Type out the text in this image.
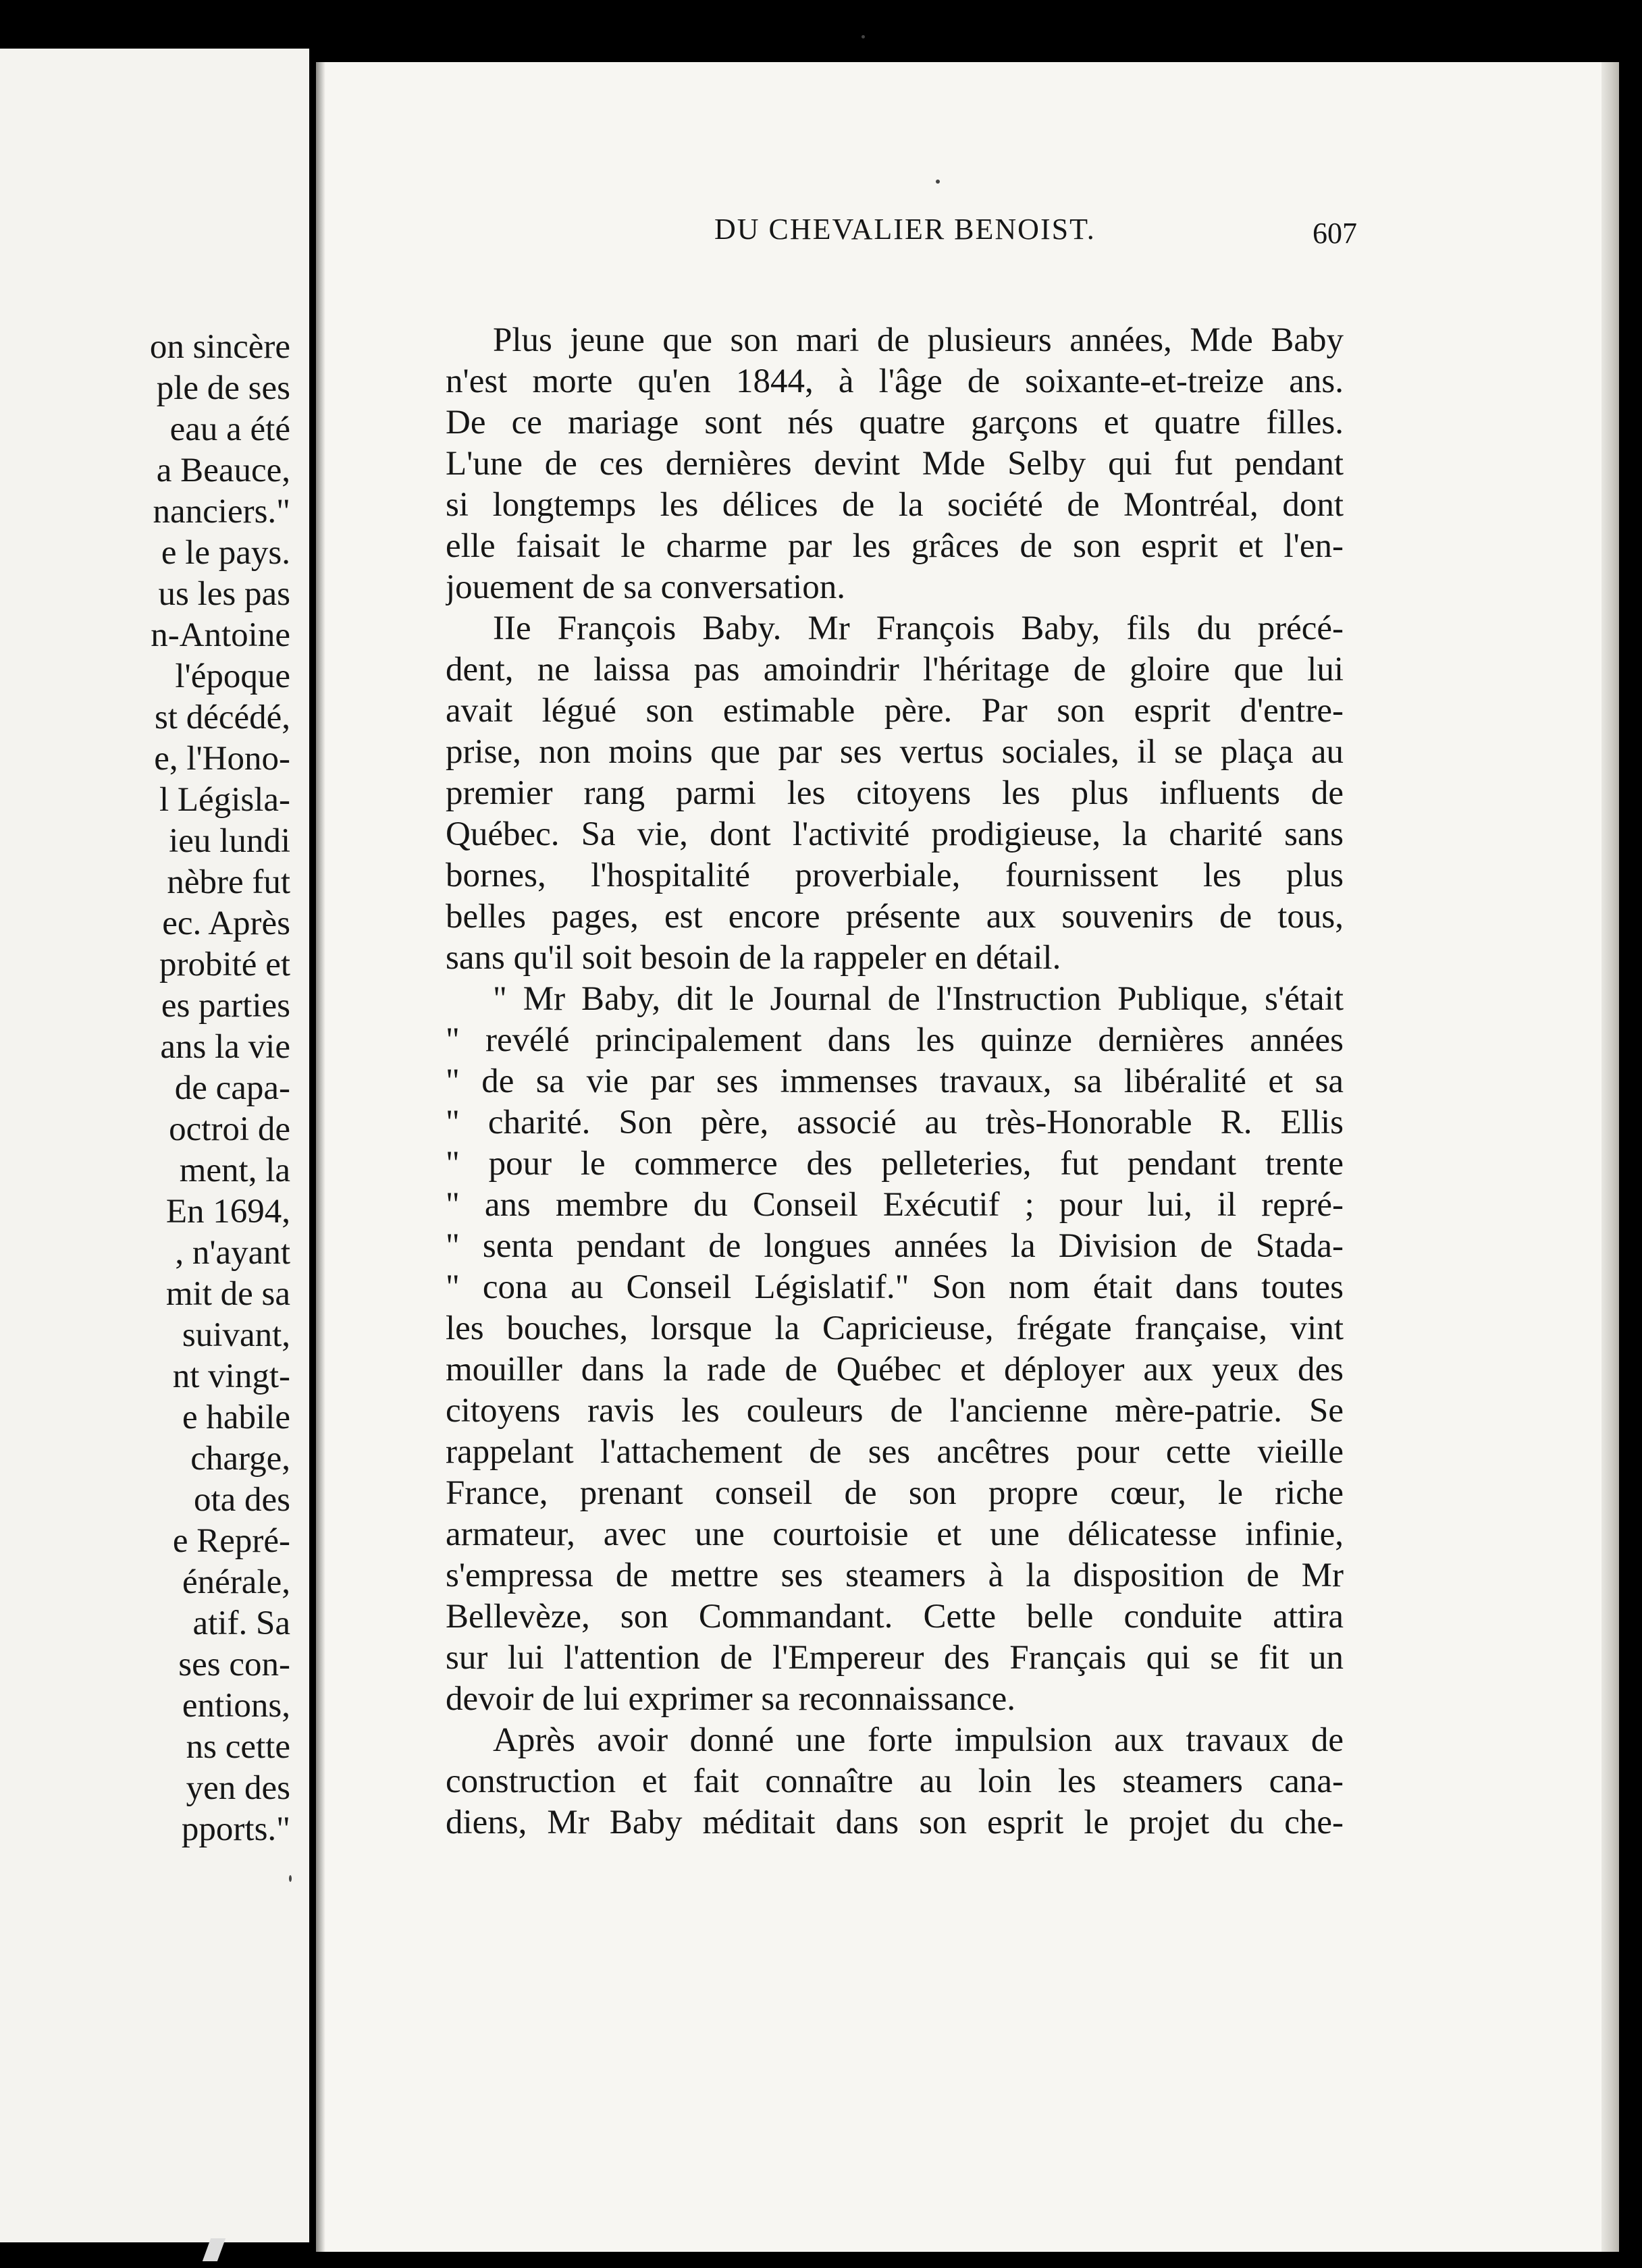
on sincère
ple de ses
eau a été
a Beauce,
nanciers."
e le pays.
us les pas
n-Antoine
l'époque
st décédé,
e, l'Hono-
l Législa-
ieu lundi
nèbre fut
ec. Après
probité et
es parties
ans la vie
de capa-
octroi de
ment, la
En 1694,
, n'ayant
mit de sa
suivant,
nt vingt-
e habile
charge,
ota des
e Repré-
énérale,
atif. Sa
ses con-
entions,
ns cette
yen des
pports."
DU CHEVALIER BENOIST.	607
Plus jeune que son mari de plusieurs années, Mde Baby
n'est morte qu'en 1844, à l'âge de soixante-et-treize ans.
De ce mariage sont nés quatre garçons et quatre filles.
L'une de ces dernières devint Mde Selby qui fut pendant
si longtemps les délices de la société de Montréal, dont
elle faisait le charme par les grâces de son esprit et l'en-
jouement de sa conversation.
IIe François Baby. Mr François Baby, fils du précé-
dent, ne laissa pas amoindrir l'héritage de gloire que lui
avait légué son estimable père. Par son esprit d'entre-
prise, non moins que par ses vertus sociales, il se plaça au
premier rang parmi les citoyens les plus influents de
Québec. Sa vie, dont l'activité prodigieuse, la charité sans
bornes, l'hospitalité proverbiale, fournissent les plus
belles pages, est encore présente aux souvenirs de tous,
sans qu'il soit besoin de la rappeler en détail.
" Mr Baby, dit le Journal de l'Instruction Publique, s'était
" revélé principalement dans les quinze dernières années
" de sa vie par ses immenses travaux, sa libéralité et sa
" charité. Son père, associé au très-Honorable R. Ellis
" pour le commerce des pelleteries, fut pendant trente
" ans membre du Conseil Exécutif ; pour lui, il repré-
" senta pendant de longues années la Division de Stada-
" cona au Conseil Législatif." Son nom était dans toutes
les bouches, lorsque la Capricieuse, frégate française, vint
mouiller dans la rade de Québec et déployer aux yeux des
citoyens ravis les couleurs de l'ancienne mère-patrie. Se
rappelant l'attachement de ses ancêtres pour cette vieille
France, prenant conseil de son propre cœur, le riche
armateur, avec une courtoisie et une délicatesse infinie,
s'empressa de mettre ses steamers à la disposition de Mr
Bellevèze, son Commandant. Cette belle conduite attira
sur lui l'attention de l'Empereur des Français qui se fit un
devoir de lui exprimer sa reconnaissance.
Après avoir donné une forte impulsion aux travaux de
construction et fait connaître au loin les steamers cana-
diens, Mr Baby méditait dans son esprit le projet du che-
